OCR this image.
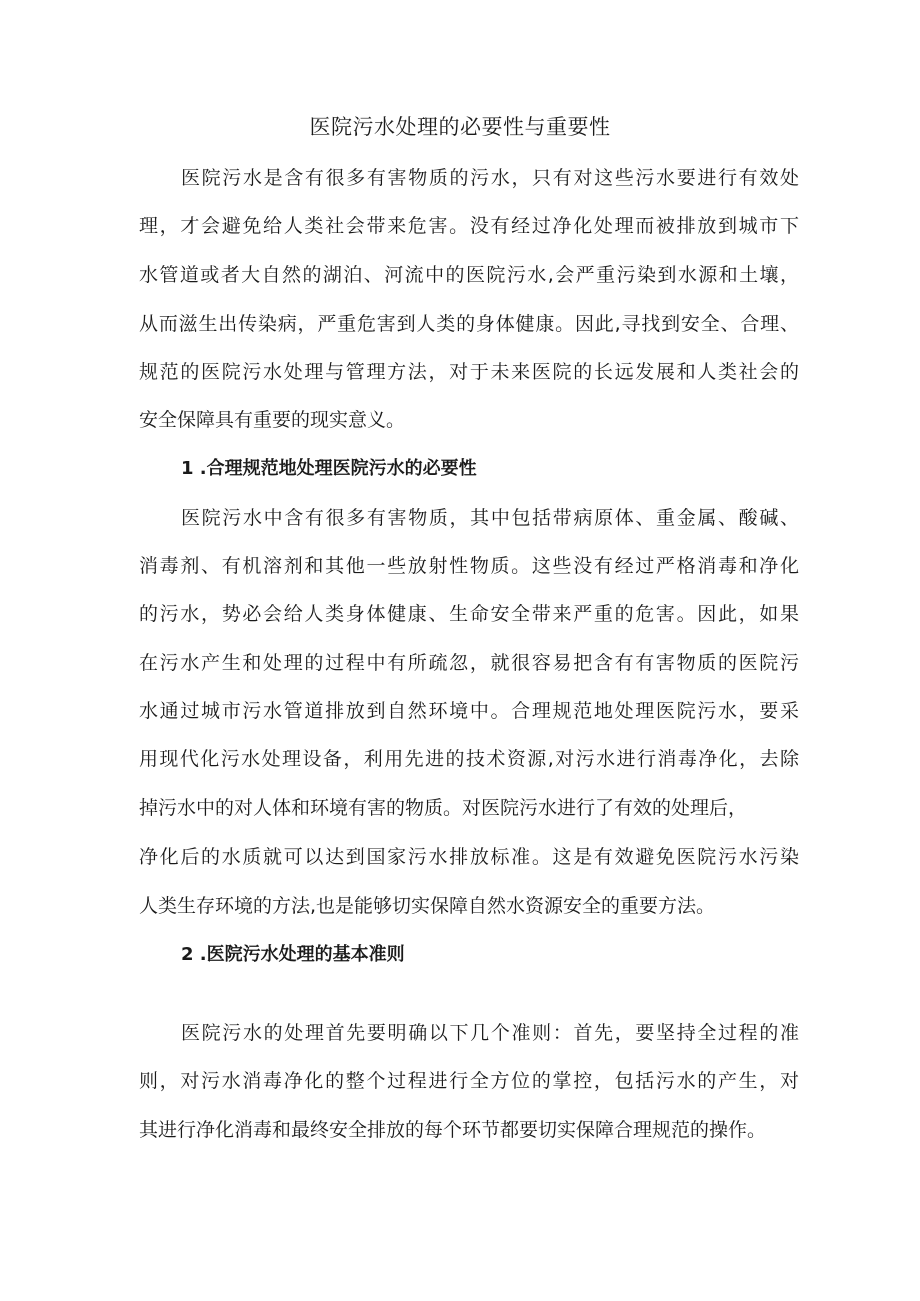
医院污水处理的必要性与重要性

医院污水是含有很多有害物质的污水，只有对这些污水要进行有效处

理，才会避免给人类社会带来危害。没有经过净化处理而被排放到城市下

水管道或者大自然的湖泊、河流中的医院污水,会严重污染到水源和土壤，

从而滋生出传染病，严重危害到人类的身体健康。因此,寻找到安全、合理、

规范的医院污水处理与管理方法，对于未来医院的长远发展和人类社会的

安全保障具有重要的现实意义。

1 .合理规范地处理医院污水的必要性

医院污水中含有很多有害物质，其中包括带病原体、重金属、酸碱、

消毒剂、有机溶剂和其他一些放射性物质。这些没有经过严格消毒和净化

的污水，势必会给人类身体健康、生命安全带来严重的危害。因此，如果

在污水产生和处理的过程中有所疏忽，就很容易把含有有害物质的医院污

水通过城市污水管道排放到自然环境中。合理规范地处理医院污水，要采

用现代化污水处理设备，利用先进的技术资源,对污水进行消毒净化，去除

掉污水中的对人体和环境有害的物质。对医院污水进行了有效的处理后，

净化后的水质就可以达到国家污水排放标准。这是有效避免医院污水污染

人类生存环境的方法,也是能够切实保障自然水资源安全的重要方法。

2 .医院污水处理的基本准则

医院污水的处理首先要明确以下几个准则：首先，要坚持全过程的准

则，对污水消毒净化的整个过程进行全方位的掌控，包括污水的产生，对

其进行净化消毒和最终安全排放的每个环节都要切实保障合理规范的操作。
